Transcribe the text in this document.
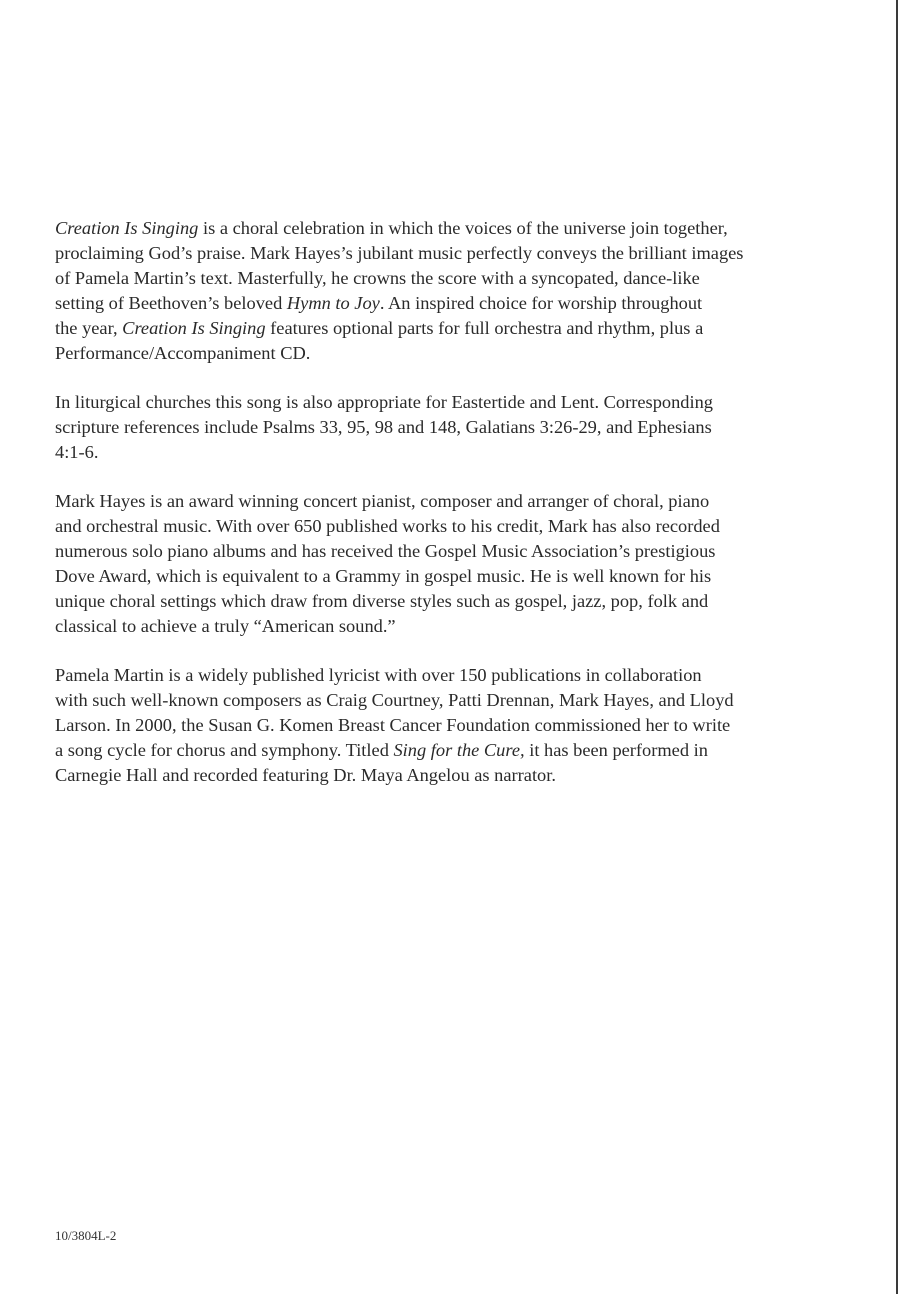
Creation Is Singing is a choral celebration in which the voices of the universe join together,
proclaiming God’s praise. Mark Hayes’s jubilant music perfectly conveys the brilliant images
of Pamela Martin’s text. Masterfully, he crowns the score with a syncopated, dance-like
setting of Beethoven’s beloved Hymn to Joy. An inspired choice for worship throughout
the year, Creation Is Singing features optional parts for full orchestra and rhythm, plus a
Performance/Accompaniment CD.

In liturgical churches this song is also appropriate for Eastertide and Lent. Corresponding
scripture references include Psalms 33, 95, 98 and 148, Galatians 3:26-29, and Ephesians
4:1-6.

Mark Hayes is an award winning concert pianist, composer and arranger of choral, piano
and orchestral music. With over 650 published works to his credit, Mark has also recorded
numerous solo piano albums and has received the Gospel Music Association’s prestigious
Dove Award, which is equivalent to a Grammy in gospel music. He is well known for his
unique choral settings which draw from diverse styles such as gospel, jazz, pop, folk and
classical to achieve a truly “American sound.”

Pamela Martin is a widely published lyricist with over 150 publications in collaboration
with such well-known composers as Craig Courtney, Patti Drennan, Mark Hayes, and Lloyd
Larson. In 2000, the Susan G. Komen Breast Cancer Foundation commissioned her to write
a song cycle for chorus and symphony. Titled Sing for the Cure, it has been performed in
Carnegie Hall and recorded featuring Dr. Maya Angelou as narrator.

10/3804L-2
